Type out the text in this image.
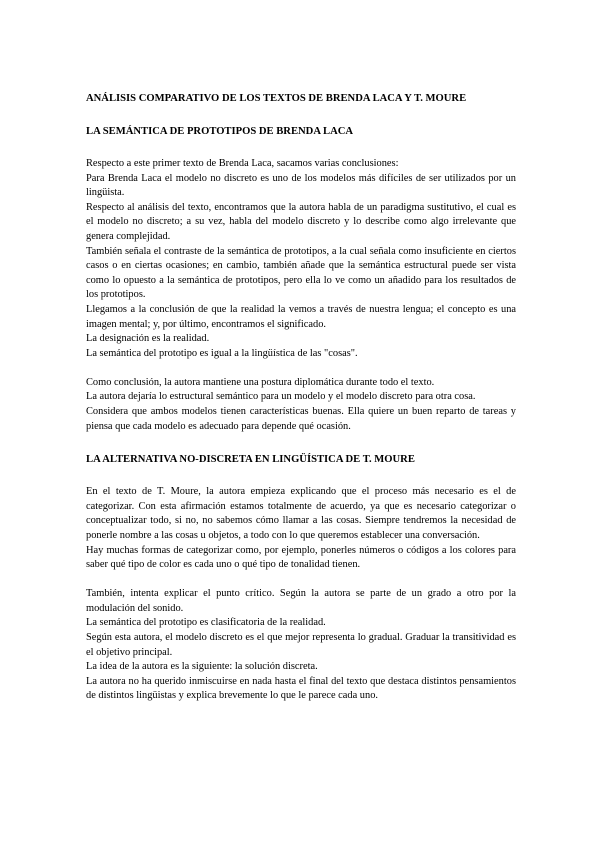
ANÁLISIS COMPARATIVO DE LOS TEXTOS DE BRENDA LACA Y T. MOURE
LA SEMÁNTICA DE PROTOTIPOS DE BRENDA LACA

Respecto a este primer texto de Brenda Laca, sacamos varias conclusiones:

Para Brenda Laca el modelo no discreto es uno de los modelos más difíciles de ser utilizados por un lingüista.

Respecto al análisis del texto, encontramos que la autora habla de un paradigma sustitutivo, el cual es el modelo no discreto; a su vez, habla del modelo discreto y lo describe como algo irrelevante que genera complejidad.

También señala el contraste de la semántica de prototipos, a la cual señala como insuficiente en ciertos casos o en ciertas ocasiones; en cambio, también añade que la semántica estructural puede ser vista como lo opuesto a la semántica de prototipos, pero ella lo ve como un añadido para los resultados de los prototipos.

Llegamos a la conclusión de que la realidad la vemos a través de nuestra lengua; el concepto es una imagen mental; y, por último, encontramos el significado.

La designación es la realidad.

La semántica del prototipo es igual a la lingüística de las "cosas".

Como conclusión, la autora mantiene una postura diplomática durante todo el texto.

La autora dejaría lo estructural semántico para un modelo y el modelo discreto para otra cosa.

Considera que ambos modelos tienen características buenas. Ella quiere un buen reparto de tareas y piensa que cada modelo es adecuado para depende qué ocasión.

LA ALTERNATIVA NO-DISCRETA EN LINGÜÍSTICA DE T. MOURE

En el texto de T. Moure, la autora empieza explicando que el proceso más necesario es el de categorizar. Con esta afirmación estamos totalmente de acuerdo, ya que es necesario categorizar o conceptualizar todo, si no, no sabemos cómo llamar a las cosas. Siempre tendremos la necesidad de ponerle nombre a las cosas u objetos, a todo con lo que queremos establecer una conversación.

Hay muchas formas de categorizar como, por ejemplo, ponerles números o códigos a los colores para saber qué tipo de color es cada uno o qué tipo de tonalidad tienen.

También, intenta explicar el punto crítico. Según la autora se parte de un grado a otro por la modulación del sonido.

La semántica del prototipo es clasificatoria de la realidad.

Según esta autora, el modelo discreto es el que mejor representa lo gradual. Graduar la transitividad es el objetivo principal.

La idea de la autora es la siguiente: la solución discreta.

La autora no ha querido inmiscuirse en nada hasta el final del texto que destaca distintos pensamientos de distintos lingüistas y explica brevemente lo que le parece cada uno.
